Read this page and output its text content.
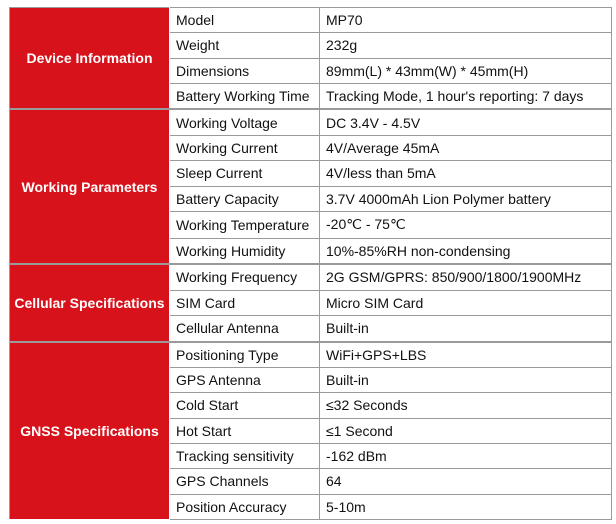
Device Information	Model	MP70
	Weight	232g
	Dimensions	89mm(L) * 43mm(W) * 45mm(H)
	Battery Working Time	Tracking Mode, 1 hour's reporting: 7 days
Working Parameters	Working Voltage	DC 3.4V - 4.5V
	Working Current	4V/Average 45mA
	Sleep Current	4V/less than 5mA
	Battery Capacity	3.7V 4000mAh Lion Polymer battery
	Working Temperature	-20℃ - 75℃
	Working Humidity	10%-85%RH non-condensing
Cellular Specifications	Working Frequency	2G GSM/GPRS: 850/900/1800/1900MHz
	SIM Card	Micro SIM Card
	Cellular Antenna	Built-in
GNSS Specifications	Positioning Type	WiFi+GPS+LBS
	GPS Antenna	Built-in
	Cold Start	≤32 Seconds
	Hot Start	≤1 Second
	Tracking sensitivity	-162 dBm
	GPS Channels	64
	Position Accuracy	5-10m
